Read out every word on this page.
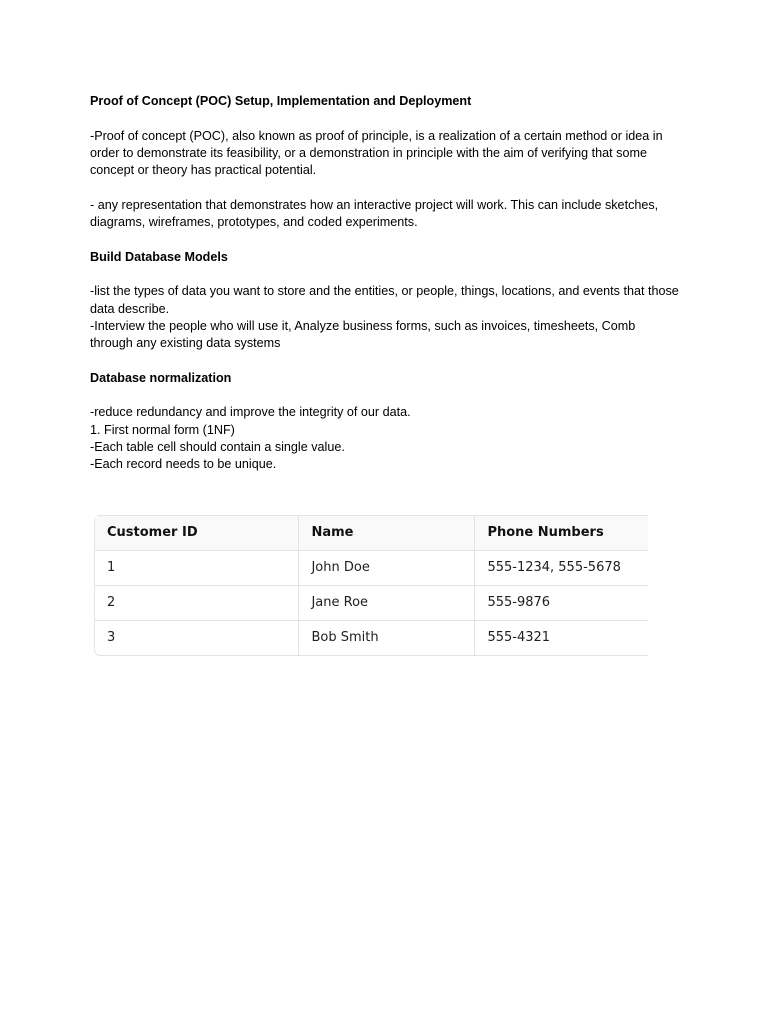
Proof of Concept (POC) Setup, Implementation and Deployment

-Proof of concept (POC), also known as proof of principle, is a realization of a certain method or idea in order to demonstrate its feasibility, or a demonstration in principle with the aim of verifying that some concept or theory has practical potential.

- any representation that demonstrates how an interactive project will work. This can include sketches, diagrams, wireframes, prototypes, and coded experiments.

Build Database Models

-list the types of data you want to store and the entities, or people, things, locations, and events that those data describe.

-Interview the people who will use it, Analyze business forms, such as invoices, timesheets, Comb through any existing data systems

Database normalization

-reduce redundancy and improve the integrity of our data.

1. First normal form (1NF)

-Each table cell should contain a single value.

-Each record needs to be unique.

Customer ID	Name	Phone Numbers
1	John Doe	555-1234, 555-5678
2	Jane Roe	555-9876
3	Bob Smith	555-4321
